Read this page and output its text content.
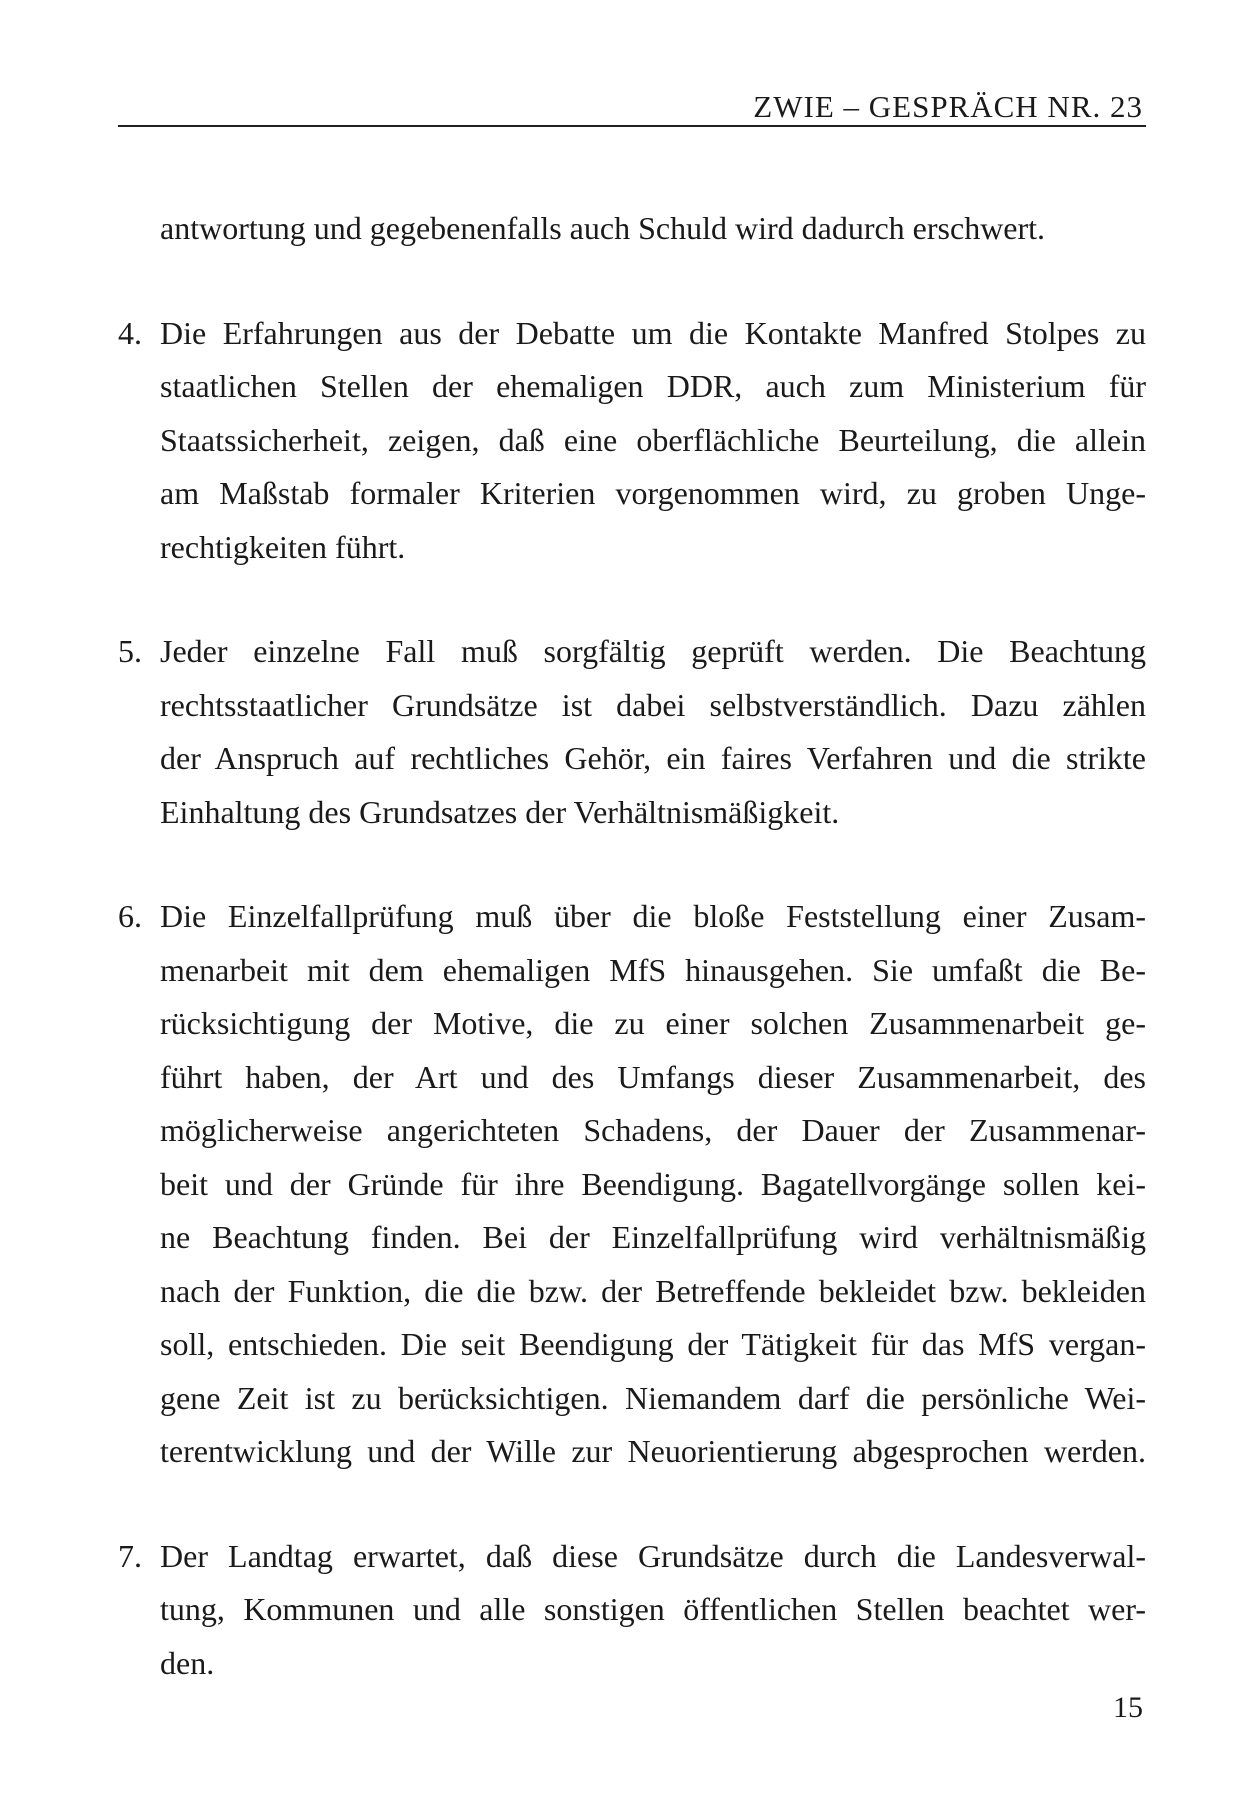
ZWIE – GESPRÄCH NR. 23
antwortung und gegebenenfalls auch Schuld wird dadurch erschwert.
4. Die Erfahrungen aus der Debatte um die Kontakte Manfred Stolpes zu
staatlichen Stellen der ehemaligen DDR, auch zum Ministerium für
Staatssicherheit, zeigen, daß eine oberflächliche Beurteilung, die allein
am Maßstab formaler Kriterien vorgenommen wird, zu groben Unge-
rechtigkeiten führt.
5. Jeder einzelne Fall muß sorgfältig geprüft werden. Die Beachtung
rechtsstaatlicher Grundsätze ist dabei selbstverständlich. Dazu zählen
der Anspruch auf rechtliches Gehör, ein faires Verfahren und die strikte
Einhaltung des Grundsatzes der Verhältnismäßigkeit.
6. Die Einzelfallprüfung muß über die bloße Feststellung einer Zusam-
menarbeit mit dem ehemaligen MfS hinausgehen. Sie umfaßt die Be-
rücksichtigung der Motive, die zu einer solchen Zusammenarbeit ge-
führt haben, der Art und des Umfangs dieser Zusammenarbeit, des
möglicherweise angerichteten Schadens, der Dauer der Zusammenar-
beit und der Gründe für ihre Beendigung. Bagatellvorgänge sollen kei-
ne Beachtung finden. Bei der Einzelfallprüfung wird verhältnismäßig
nach der Funktion, die die bzw. der Betreffende bekleidet bzw. bekleiden
soll, entschieden. Die seit Beendigung der Tätigkeit für das MfS vergan-
gene Zeit ist zu berücksichtigen. Niemandem darf die persönliche Wei-
terentwicklung und der Wille zur Neuorientierung abgesprochen werden.
7. Der Landtag erwartet, daß diese Grundsätze durch die Landesverwal-
tung, Kommunen und alle sonstigen öffentlichen Stellen beachtet wer-
den.
15
